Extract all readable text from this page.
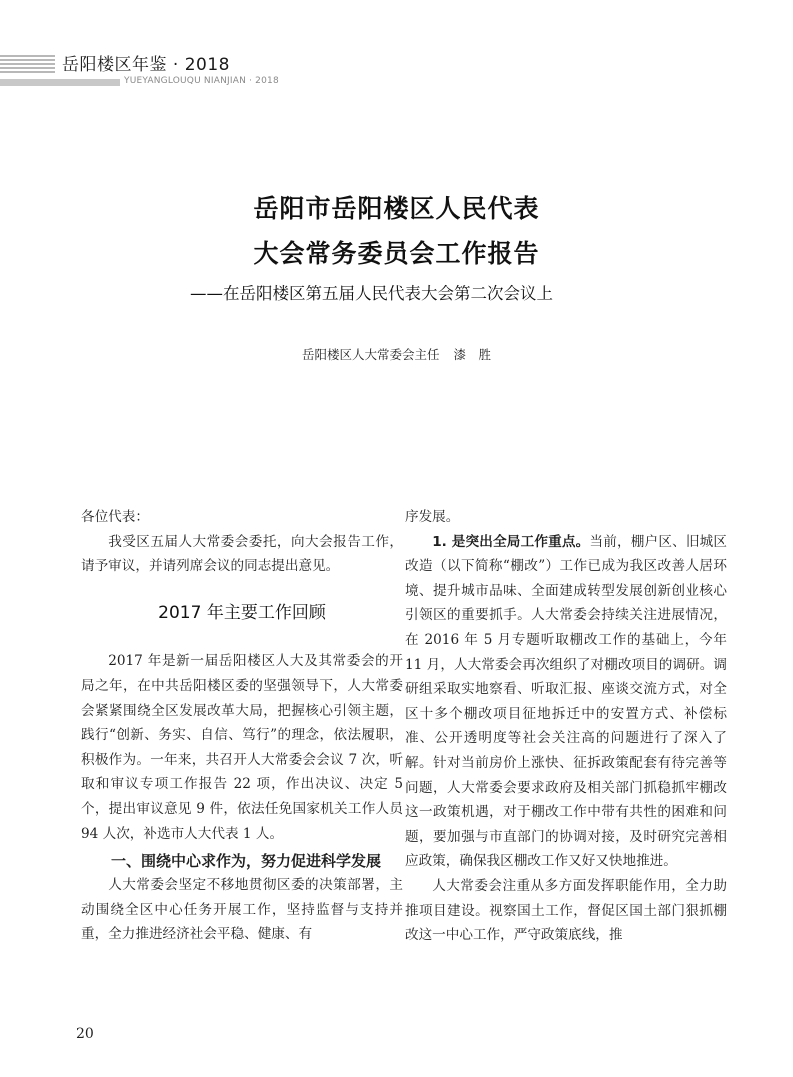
岳阳楼区年鉴 · 2018
YUEYANGLOUQU NIANJIAN · 2018
岳阳市岳阳楼区人民代表
大会常务委员会工作报告
——在岳阳楼区第五届人民代表大会第二次会议上
岳阳楼区人大常委会主任 漆　胜

各位代表：

我受区五届人大常委会委托，向大会报告工作，请予审议，并请列席会议的同志提出意见。

2017 年主要工作回顾

2017 年是新一届岳阳楼区人大及其常委会的开局之年，在中共岳阳楼区委的坚强领导下，人大常委会紧紧围绕全区发展改革大局，把握核心引领主题，践行“创新、务实、自信、笃行”的理念，依法履职，积极作为。一年来，共召开人大常委会会议 7 次，听取和审议专项工作报告 22 项，作出决议、决定 5 个，提出审议意见 9 件，依法任免国家机关工作人员 94 人次，补选市人大代表 1 人。

一、围绕中心求作为，努力促进科学发展

人大常委会坚定不移地贯彻区委的决策部署，主动围绕全区中心任务开展工作，坚持监督与支持并重，全力推进经济社会平稳、健康、有

序发展。

1. 是突出全局工作重点。当前，棚户区、旧城区改造（以下简称“棚改”）工作已成为我区改善人居环境、提升城市品味、全面建成转型发展创新创业核心引领区的重要抓手。人大常委会持续关注进展情况，在 2016 年 5 月专题听取棚改工作的基础上，今年 11 月，人大常委会再次组织了对棚改项目的调研。调研组采取实地察看、听取汇报、座谈交流方式，对全区十多个棚改项目征地拆迁中的安置方式、补偿标准、公开透明度等社会关注高的问题进行了深入了解。针对当前房价上涨快、征拆政策配套有待完善等问题，人大常委会要求政府及相关部门抓稳抓牢棚改这一政策机遇，对于棚改工作中带有共性的困难和问题，要加强与市直部门的协调对接，及时研究完善相应政策，确保我区棚改工作又好又快地推进。

人大常委会注重从多方面发挥职能作用，全力助推项目建设。视察国土工作，督促区国土部门狠抓棚改这一中心工作，严守政策底线，推

20
